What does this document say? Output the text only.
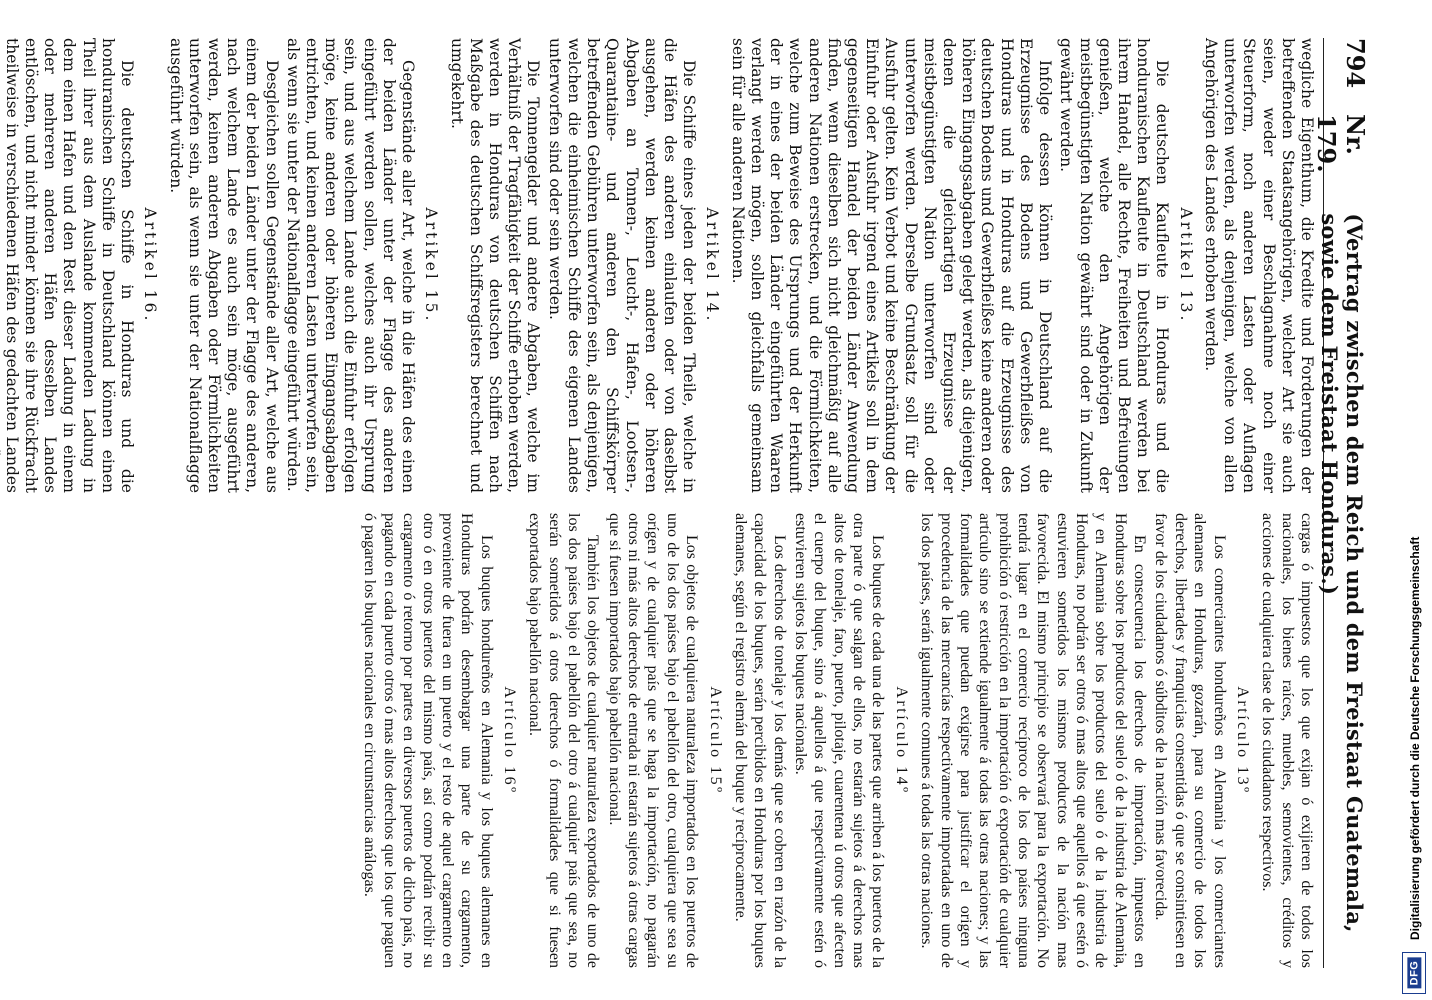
794
Nr. 179.
(Vertrag zwischen dem Reich und dem Freistaat Guatemala, sowie dem Freistaat Honduras.)

wegliche Eigenthum, die Kredite und Forderungen der betreffenden Staatsangehörigen, welcher Art sie auch seien, weder einer Beschlagnahme noch einer Steuerform, noch anderen Lasten oder Auflagen unterworfen werden, als denjenigen, welche von allen Angehörigen des Landes erhoben werden.

Artikel 13.

Die deutschen Kaufleute in Honduras und die honduranischen Kaufleute in Deutschland werden bei ihrem Handel, alle Rechte, Freiheiten und Befreiungen genießen, welche den Angehörigen der meistbegünstigten Nation gewährt sind oder in Zukunft gewährt werden.

Infolge dessen können in Deutschland auf die Erzeugnisse des Bodens und Gewerbfleißes von Honduras und in Honduras auf die Erzeugnisse des deutschen Bodens und Gewerbfleißes keine anderen oder höheren Eingangsabgaben gelegt werden, als diejenigen, denen die gleichartigen Erzeugnisse der meistbegünstigten Nation unterworfen sind oder unterworfen werden. Derselbe Grundsatz soll für die Ausfuhr gelten. Kein Verbot und keine Beschränkung der Einfuhr oder Ausfuhr irgend eines Artikels soll in dem gegenseitigen Handel der beiden Länder Anwendung finden, wenn dieselben sich nicht gleichmäßig auf alle anderen Nationen erstrecken, und die Förmlichkeiten, welche zum Beweise des Ursprungs und der Herkunft der in eines der beiden Länder eingeführten Waaren verlangt werden mögen, sollen gleichfalls gemeinsam sein für alle anderen Nationen.

Artikel 14.

Die Schiffe eines jeden der beiden Theile, welche in die Häfen des anderen einlaufen oder von daselbst ausgehen, werden keinen anderen oder höheren Abgaben an Tonnen-, Leucht-, Hafen-, Lootsen-, Quarantaine- und anderen den Schiffskörper betreffenden Gebühren unterworfen sein, als denjenigen, welchen die einheimischen Schiffe des eigenen Landes unterworfen sind oder sein werden.

Die Tonnengelder und andere Abgaben, welche im Verhältniß der Tragfähigkeit der Schiffe erhoben werden, werden in Honduras von deutschen Schiffen nach Maßgabe des deutschen Schiffsregisters berechnet und umgekehrt.

Artikel 15.

Gegenstände aller Art, welche in die Häfen des einen der beiden Länder unter der Flagge des anderen eingeführt werden sollen, welches auch ihr Ursprung sein, und aus welchem Lande auch die Einfuhr erfolgen möge, keine anderen oder höheren Eingangsabgaben entrichten, und keinen anderen Lasten unterworfen sein, als wenn sie unter der Nationalflagge eingeführt würden.

Desgleichen sollen Gegenstände aller Art, welche aus einem der beiden Länder unter der Flagge des anderen, nach welchem Lande es auch sein möge, ausgeführt werden, keinen anderen Abgaben oder Förmlichkeiten unterworfen sein, als wenn sie unter der Nationalflagge ausgeführt würden.

Artikel 16.

Die deutschen Schiffe in Honduras und die honduranischen Schiffe in Deutschland können einen Theil ihrer aus dem Auslande kommenden Ladung in dem einen Hafen und den Rest dieser Ladung in einem oder mehreren anderen Häfen desselben Landes entlöschen, und nicht minder können sie ihre Rückfracht theilweise in verschiedenen Häfen des gedachten Landes

cargas ó impuestos que los que exijan ó exijieren de todos los nacionales, los bienes raíces, muebles, semovientes, créditos y acciones de cualquiera clase de los ciudadanos respectivos.

Artículo 13º

Los comerciantes hondureños en Alemania y los comerciantes alemanes en Honduras, gozarán, para su comercio de todos los derechos, libertades y franquicias consentidas ó que se consintiesen en favor de los ciudadanos ó súbditos de la nación mas favorecida.

En consecuencia los derechos de importación, impuestos en Honduras sobre los productos del suelo ó de la industria de Alemania, y en Alemania sobre los productos del suelo ó de la industria de Honduras, no podrán ser otros ó mas altos que aquellos á que estén ó estuvieren sometidos los mismos productos de la nación mas favorecida. El mismo principio se observará para la exportación. No tendrá lugar en el comercio recíproco de los dos países ninguna prohibición ó restricción en la importación ó exportación de cualquier artículo sino se extiende igualmente á todas las otras naciones; y las formalidades que puedan exigirse para justificar el origen y procedencia de las mercancías respectivamente importadas en uno de los dos países, serán igualmente comunes á todas las otras naciones.

Artículo 14º

Los buques de cada una de las partes que arriben á los puertos de la otra parte ó que salgan de ellos, no estarán sujetos á derechos mas altos de tonelaje, faro, puerto, pilotaje, cuarentena ú otros que afecten el cuerpo del buque, sino á aquellos á que respectivamente estén ó estuvieren sujetos los buques nacionales.

Los derechos de tonelaje y los demás que se cobren en razón de la capacidad de los buques, serán percibidos en Honduras por los buques alemanes, según el registro alemán del buque y recíprocamente.

Artículo 15º

Los objetos de cualquiera naturaleza importados en los puertos de uno de los dos países bajo el pabellón del otro, cualquiera que sea su orígen y de cualquier país que se haga la importación, no pagarán otros ni más altos derechos de entrada ni estarán sujetos á otras cargas que si fuesen importados bajo pabellón nacional.

También los objetos de cualquier naturaleza exportados de uno de los dos países bajo el pabellón del otro á cualquier país que sea, no serán sometidos á otros derechos ó formalidades que si fuesen exportados bajo pabellón nacional.

Artículo 16º

Los buques hondureños en Alemania y los buques alemanes en Honduras podrán desembargar una parte de su cargamento, proveniente de fuera en un puerto y el resto de aquel cargamento en otro ó en otros puertos del mismo país, así como podrán recibir su cargamento ó retorno por partes en diversos puertos de dicho país, no pagando en cada puerto otros ó mas altos derechos que los que paguen ó pagaren los buques nacionales en circunstancias análogas.	Digitalisierung gefördert durch die Deutsche Forschungsgemeinschaft
DFG
